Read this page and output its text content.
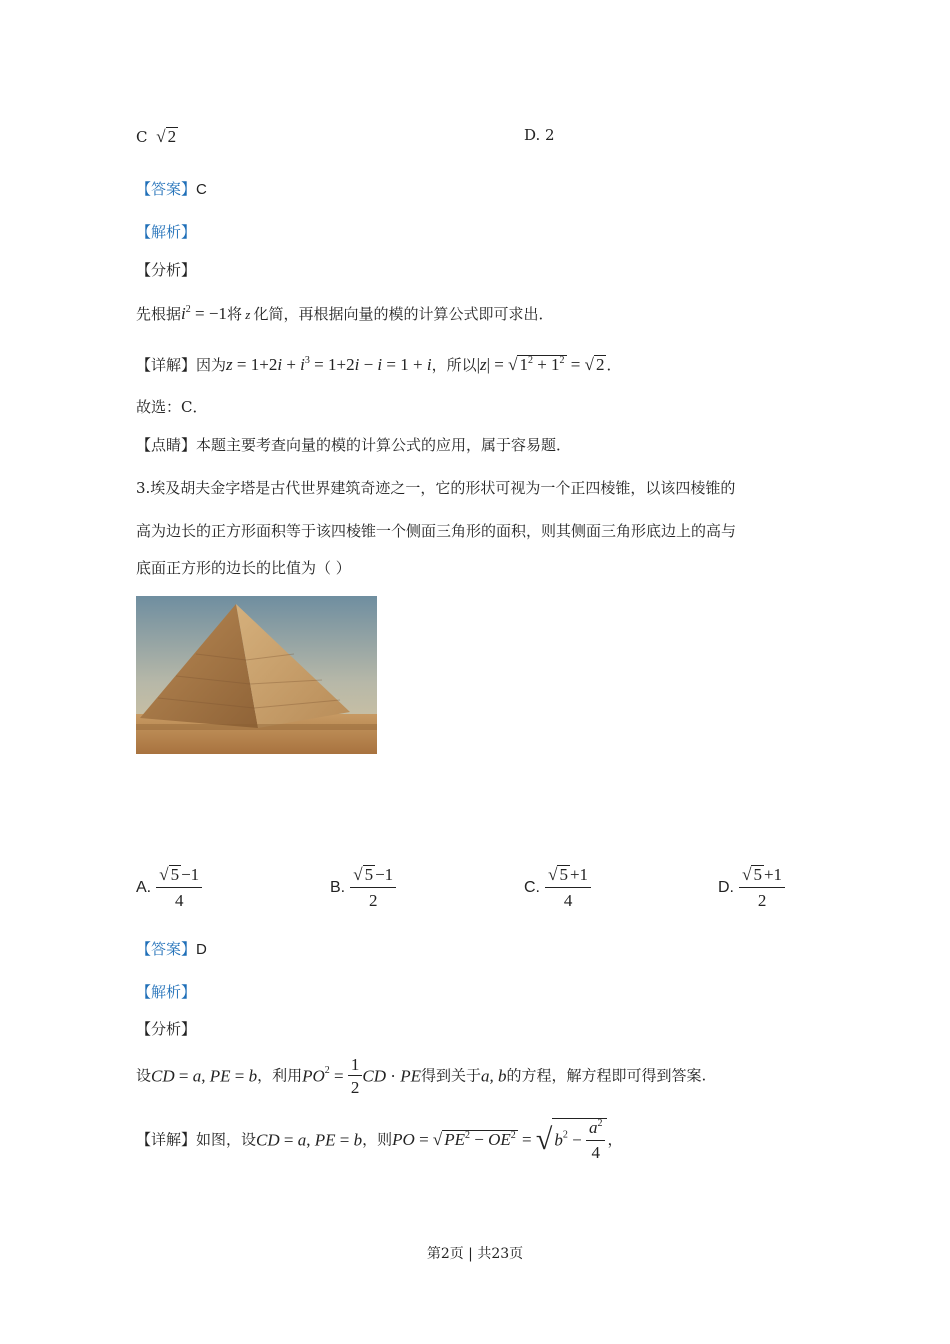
C √ 2	D. 2
【答案】C
【解析】
【分析】
先根据$i^2 = -1$将 z 化简，再根据向量的模的计算公式即可求出．
【详解】因为$z = 1+2i + i^3 = 1+2i - i = 1 + i$，所以|z| = √ $1^2 + 1^2$ = √ 2 ．
故选：C．
【点睛】本题主要考查向量的模的计算公式的应用，属于容易题．
3.埃及胡夫金字塔是古代世界建筑奇迹之一，它的形状可视为一个正四棱锥，以该四棱锥的
高为边长的正方形面积等于该四棱锥一个侧面三角形的面积，则其侧面三角形底边上的高与
底面正方形的边长的比值为（ ）
A. $\frac{√ 5 -1}{4}$	B. $\frac{√ 5 -1}{2}$	C. $\frac{√ 5 +1}{4}$	D. $\frac{√ 5 +1}{2}$
【答案】D
【解析】
【分析】
设CD = a, PE = b，利用$PO^2 = \frac{1}{2}$ CD · PE得到关于a, b的方程，解方程即可得到答案.
【详解】如图，设CD = a, PE = b，则PO = √ $PE^2 - OE^2$ = √ $b^2 - \frac{a^2}{4}$ ，
第2页 | 共23页
